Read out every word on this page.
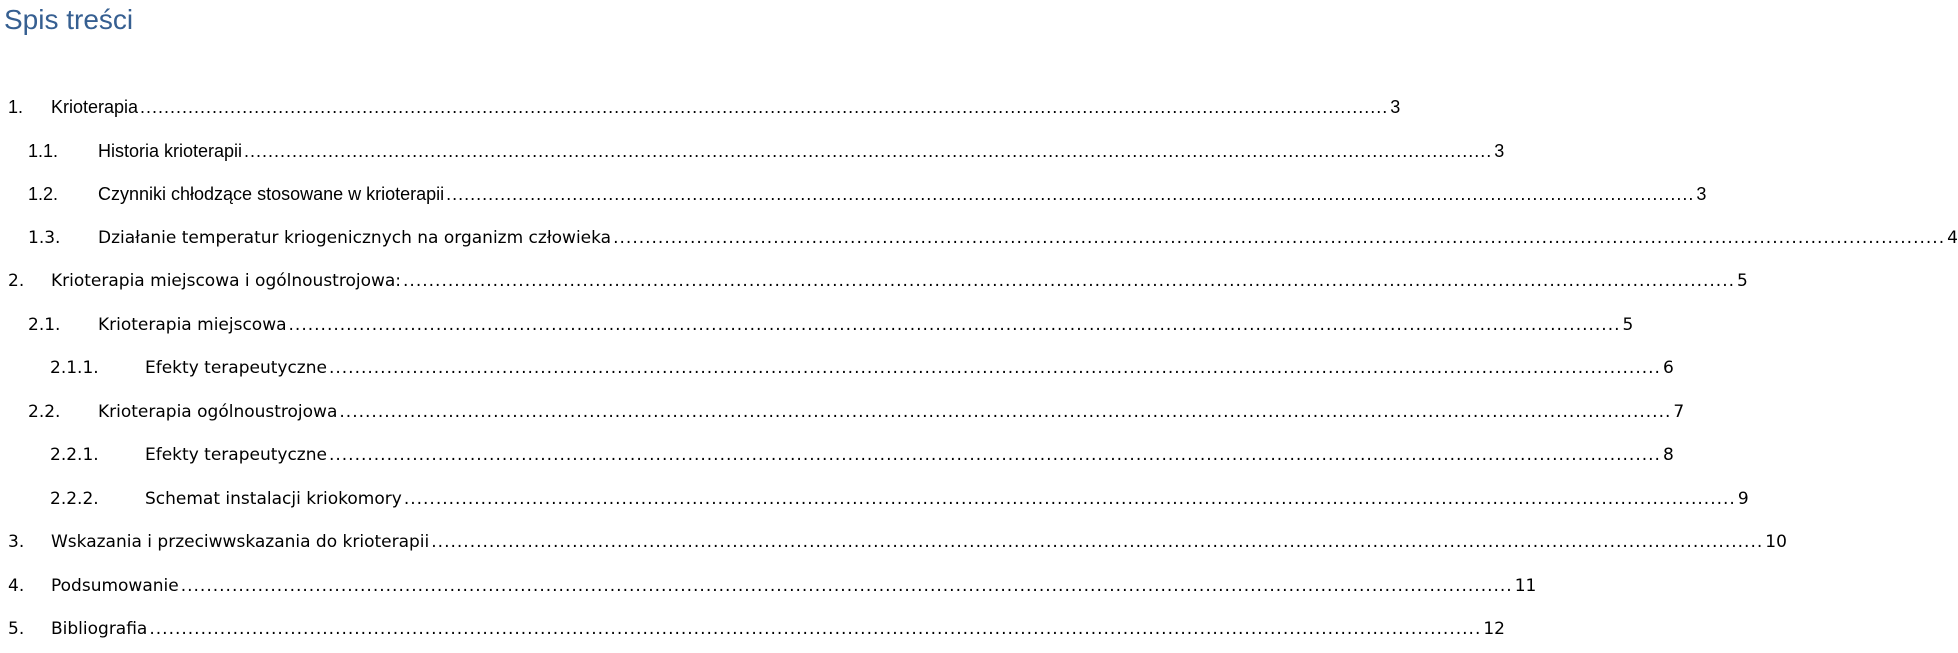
Spis treści
1.	Krioterapia ................................................................................................................................................................................................................ 3
1.1.	Historia krioterapii ................................................................................................................................................................................................................ 3
1.2.	Czynniki chłodzące stosowane w krioterapii ................................................................................................................................................................................................................ 3
1.3.	Działanie temperatur kriogenicznych na organizm człowieka ................................................................................................................................................................................................................ 4
2.	Krioterapia miejscowa i ogólnoustrojowa: ................................................................................................................................................................................................................ 5
2.1.	Krioterapia miejscowa ................................................................................................................................................................................................................ 5
2.1.1.	Efekty terapeutyczne ................................................................................................................................................................................................................ 6
2.2.	Krioterapia ogólnoustrojowa ................................................................................................................................................................................................................ 7
2.2.1.	Efekty terapeutyczne ................................................................................................................................................................................................................ 8
2.2.2.	Schemat instalacji kriokomory ................................................................................................................................................................................................................ 9
3.	Wskazania i przeciwwskazania do krioterapii ................................................................................................................................................................................................................ 10
4.	Podsumowanie ................................................................................................................................................................................................................ 11
5.	Bibliografia ................................................................................................................................................................................................................ 12
